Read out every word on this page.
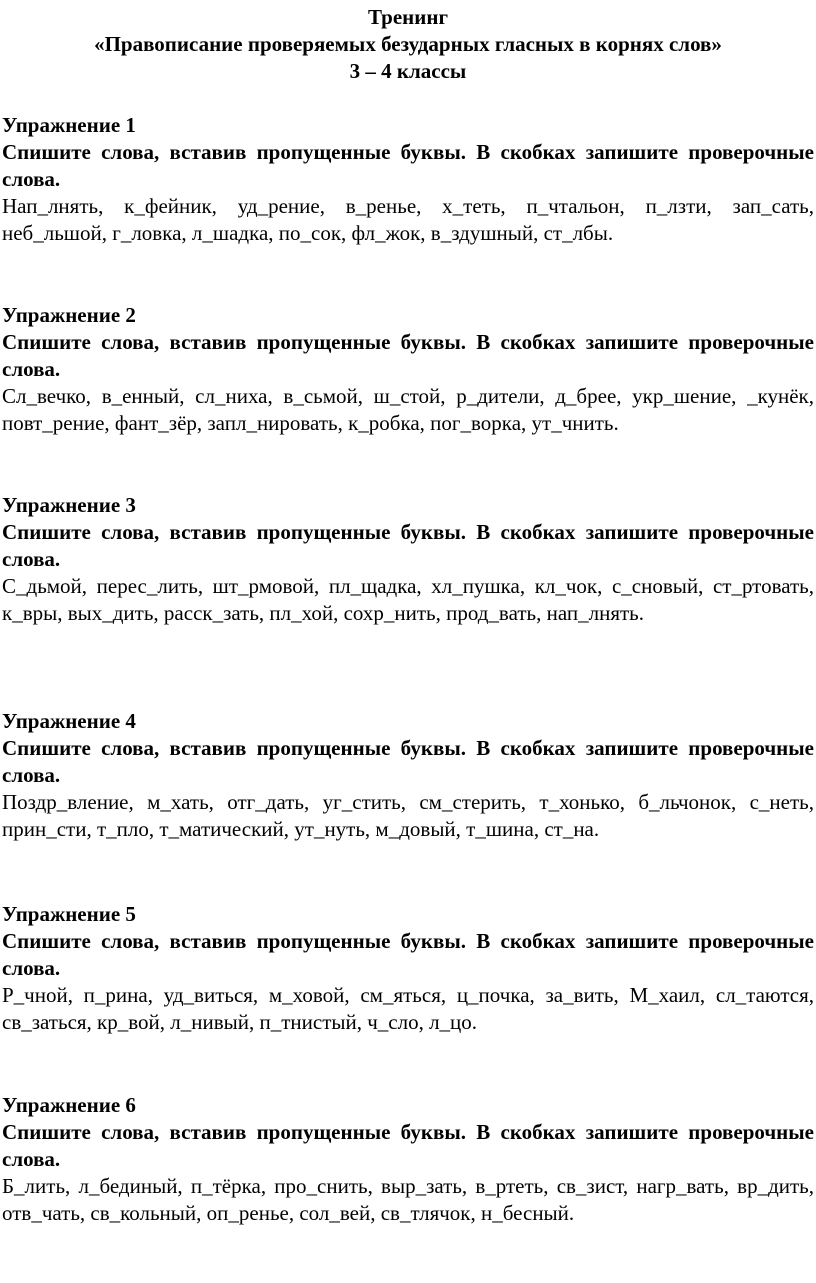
Тренинг
«Правописание проверяемых безударных гласных в корнях слов»
3 – 4 классы
Упражнение 1
Спишите слова, вставив пропущенные буквы. В скобках запишите проверочные слова.
Нап_лнять, к_фейник, уд_рение, в_ренье, х_теть, п_чтальон, п_лзти, зап_сать, неб_льшой, г_ловка, л_шадка, по_сок, фл_жок, в_здушный, ст_лбы.
Упражнение 2
Спишите слова, вставив пропущенные буквы. В скобках запишите проверочные слова.
Сл_вечко, в_енный, сл_ниха, в_сьмой, ш_стой, р_дители, д_брее, укр_шение, _кунёк, повт_рение, фант_зёр, запл_нировать, к_робка, пог_ворка, ут_чнить.
Упражнение 3
Спишите слова, вставив пропущенные буквы. В скобках запишите проверочные слова.
С_дьмой, перес_лить, шт_рмовой, пл_щадка, хл_пушка, кл_чок, с_сновый, ст_ртовать, к_вры, вых_дить, расск_зать, пл_хой, сохр_нить, прод_вать, нап_лнять.
Упражнение 4
Спишите слова, вставив пропущенные буквы. В скобках запишите проверочные слова.
Поздр_вление, м_хать, отг_дать, уг_стить, см_стерить, т_хонько, б_льчонок, с_неть, прин_сти, т_пло, т_матический, ут_нуть, м_довый, т_шина, ст_на.
Упражнение 5
Спишите слова, вставив пропущенные буквы. В скобках запишите проверочные слова.
Р_чной, п_рина, уд_виться, м_ховой, см_яться, ц_почка, за_вить, М_хаил, сл_таются, св_заться, кр_вой, л_нивый, п_тнистый, ч_сло, л_цо.
Упражнение 6
Спишите слова, вставив пропущенные буквы. В скобках запишите проверочные слова.
Б_лить, л_бединый, п_тёрка, про_снить, выр_зать, в_ртеть, св_зист, нагр_вать, вр_дить, отв_чать, св_кольный, оп_ренье, сол_вей, св_тлячок, н_бесный.
